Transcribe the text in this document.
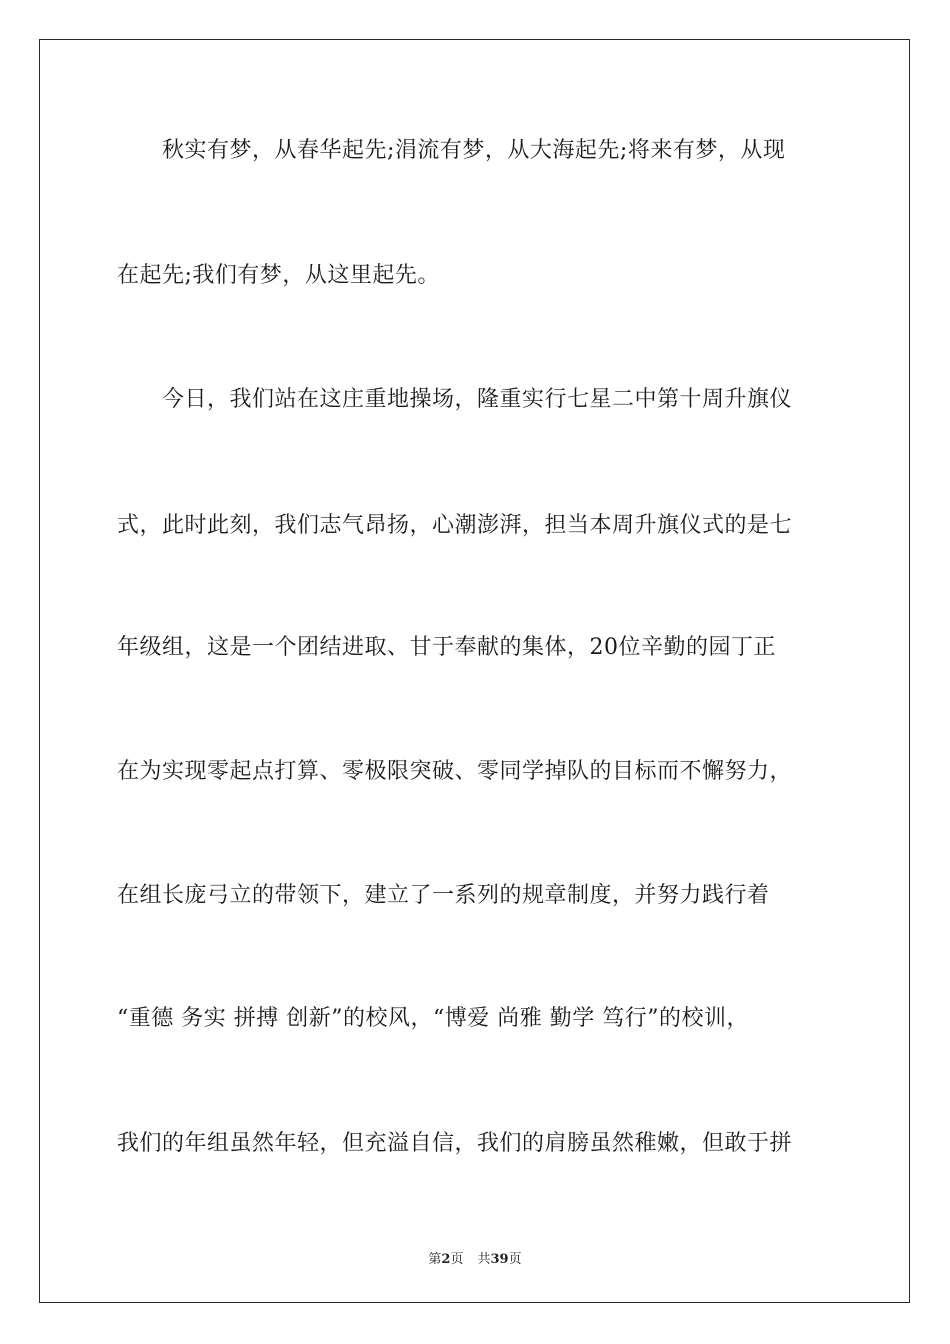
秋实有梦，从春华起先;涓流有梦，从大海起先;将来有梦，从现
在起先;我们有梦，从这里起先。
今日，我们站在这庄重地操场，隆重实行七星二中第十周升旗仪
式，此时此刻，我们志气昂扬，心潮澎湃，担当本周升旗仪式的是七
年级组，这是一个团结进取、甘于奉献的集体，20位辛勤的园丁正
在为实现零起点打算、零极限突破、零同学掉队的目标而不懈努力，
在组长庞弓立的带领下，建立了一系列的规章制度，并努力践行着
“重德 务实 拼搏 创新”的校风，“博爱 尚雅 勤学 笃行”的校训，
我们的年组虽然年轻，但充溢自信，我们的肩膀虽然稚嫩，但敢于拼
第2页 共39页
